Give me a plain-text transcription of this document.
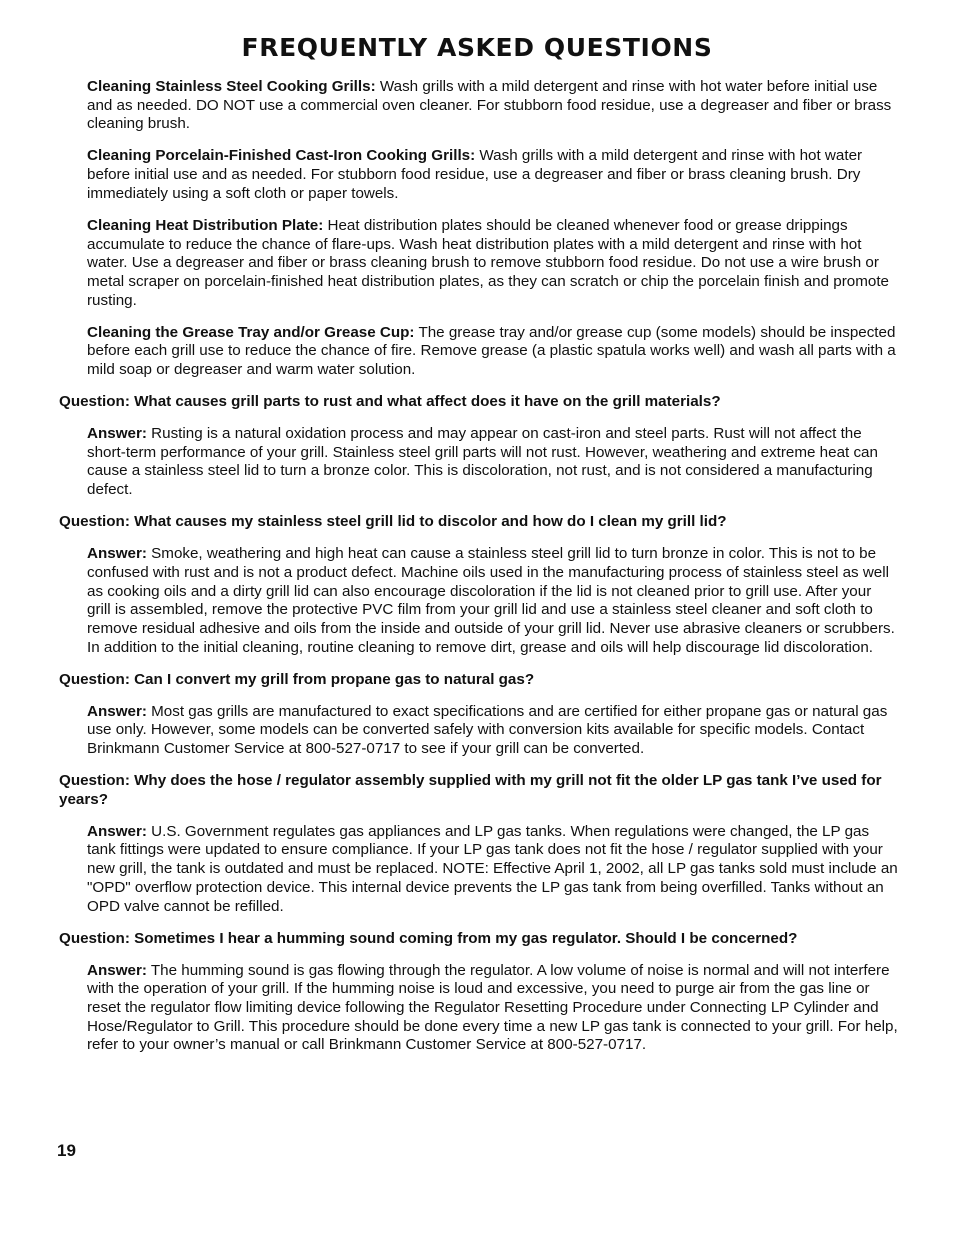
FREQUENTLY ASKED QUESTIONS

Cleaning Stainless Steel Cooking Grills: Wash grills with a mild detergent and rinse with hot water before initial use and as needed. DO NOT use a commercial oven cleaner. For stubborn food residue, use a degreaser and fiber or brass cleaning brush.

Cleaning Porcelain-Finished Cast-Iron Cooking Grills: Wash grills with a mild detergent and rinse with hot water before initial use and as needed. For stubborn food residue, use a degreaser and fiber or brass cleaning brush. Dry immediately using a soft cloth or paper towels.

Cleaning Heat Distribution Plate: Heat distribution plates should be cleaned whenever food or grease drippings accumulate to reduce the chance of flare-ups. Wash heat distribution plates with a mild detergent and rinse with hot water. Use a degreaser and fiber or brass cleaning brush to remove stubborn food residue. Do not use a wire brush or metal scraper on porcelain-finished heat distribution plates, as they can scratch or chip the porcelain finish and promote rusting.

Cleaning the Grease Tray and/or Grease Cup: The grease tray and/or grease cup (some models) should be inspected before each grill use to reduce the chance of fire. Remove grease (a plastic spatula works well) and wash all parts with a mild soap or degreaser and warm water solution.

Question: What causes grill parts to rust and what affect does it have on the grill materials?

Answer: Rusting is a natural oxidation process and may appear on cast-iron and steel parts. Rust will not affect the short-term performance of your grill. Stainless steel grill parts will not rust. However, weathering and extreme heat can cause a stainless steel lid to turn a bronze color. This is discoloration, not rust, and is not considered a manufacturing defect.

Question: What causes my stainless steel grill lid to discolor and how do I clean my grill lid?

Answer: Smoke, weathering and high heat can cause a stainless steel grill lid to turn bronze in color. This is not to be confused with rust and is not a product defect. Machine oils used in the manufacturing process of stainless steel as well as cooking oils and a dirty grill lid can also encourage discoloration if the lid is not cleaned prior to grill use. After your grill is assembled, remove the protective PVC film from your grill lid and use a stainless steel cleaner and soft cloth to remove residual adhesive and oils from the inside and outside of your grill lid. Never use abrasive cleaners or scrubbers. In addition to the initial cleaning, routine cleaning to remove dirt, grease and oils will help discourage lid discoloration.

Question: Can I convert my grill from propane gas to natural gas?

Answer: Most gas grills are manufactured to exact specifications and are certified for either propane gas or natural gas use only. However, some models can be converted safely with conversion kits available for specific models. Contact Brinkmann Customer Service at 800-527-0717 to see if your grill can be converted.

Question: Why does the hose / regulator assembly supplied with my grill not fit the older LP gas tank I’ve used for years?

Answer: U.S. Government regulates gas appliances and LP gas tanks. When regulations were changed, the LP gas tank fittings were updated to ensure compliance. If your LP gas tank does not fit the hose / regulator supplied with your new grill, the tank is outdated and must be replaced. NOTE: Effective April 1, 2002, all LP gas tanks sold must include an "OPD" overflow protection device. This internal device prevents the LP gas tank from being overfilled. Tanks without an OPD valve cannot be refilled.

Question: Sometimes I hear a humming sound coming from my gas regulator. Should I be concerned?

Answer: The humming sound is gas flowing through the regulator. A low volume of noise is normal and will not interfere with the operation of your grill. If the humming noise is loud and excessive, you need to purge air from the gas line or reset the regulator flow limiting device following the Regulator Resetting Procedure under Connecting LP Cylinder and Hose/Regulator to Grill. This procedure should be done every time a new LP gas tank is connected to your grill. For help, refer to your owner’s manual or call Brinkmann Customer Service at 800-527-0717.

19
